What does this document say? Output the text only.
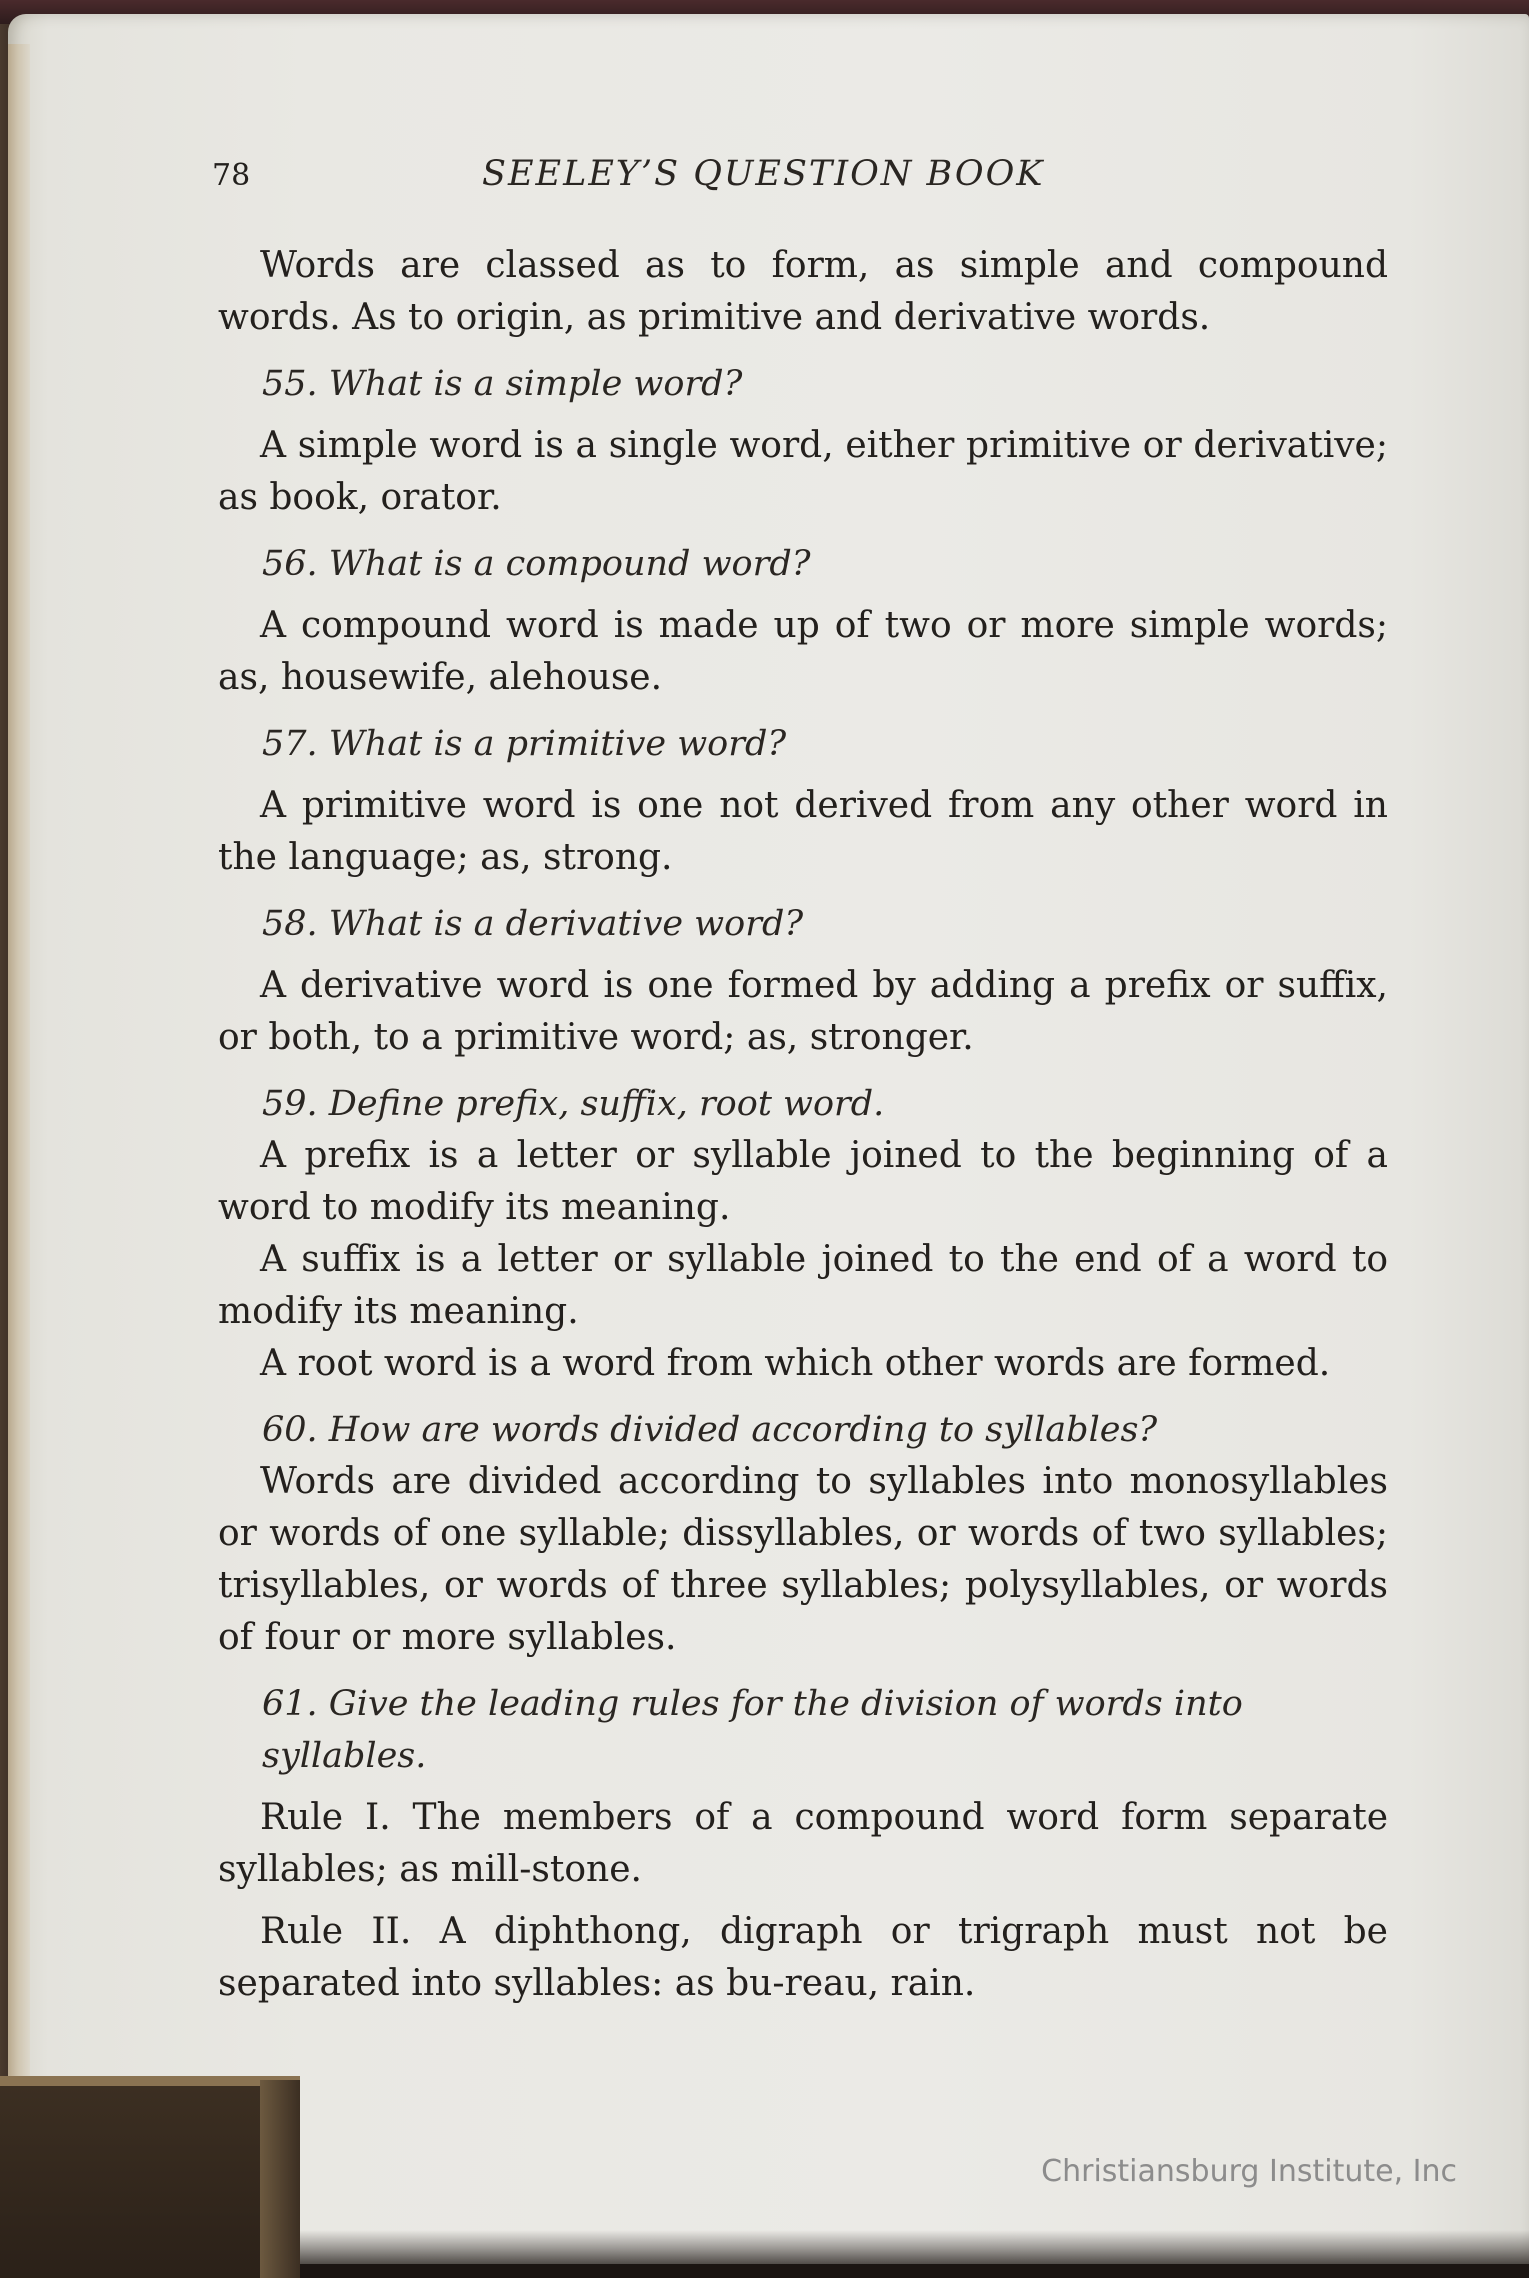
78	SEELEY’S QUESTION BOOK

Words are classed as to form, as simple and compound words. As to origin, as primitive and derivative words.

55. What is a simple word?

A simple word is a single word, either primitive or derivative; as book, orator.

56. What is a compound word?

A compound word is made up of two or more simple words; as, housewife, alehouse.

57. What is a primitive word?

A primitive word is one not derived from any other word in the language; as, strong.

58. What is a derivative word?

A derivative word is one formed by adding a prefix or suffix, or both, to a primitive word; as, stronger.

59. Define prefix, suffix, root word.

A prefix is a letter or syllable joined to the beginning of a word to modify its meaning.

A suffix is a letter or syllable joined to the end of a word to modify its meaning.

A root word is a word from which other words are formed.

60. How are words divided according to syllables?

Words are divided according to syllables into monosyllables or words of one syllable; dissyllables, or words of two syllables; trisyllables, or words of three syllables; polysyllables, or words of four or more syllables.

61. Give the leading rules for the division of words into syllables.

Rule I. The members of a compound word form separate syllables; as mill-stone.

Rule II. A diphthong, digraph or trigraph must not be separated into syllables: as bu-reau, rain.

Christiansburg Institute, Inc
